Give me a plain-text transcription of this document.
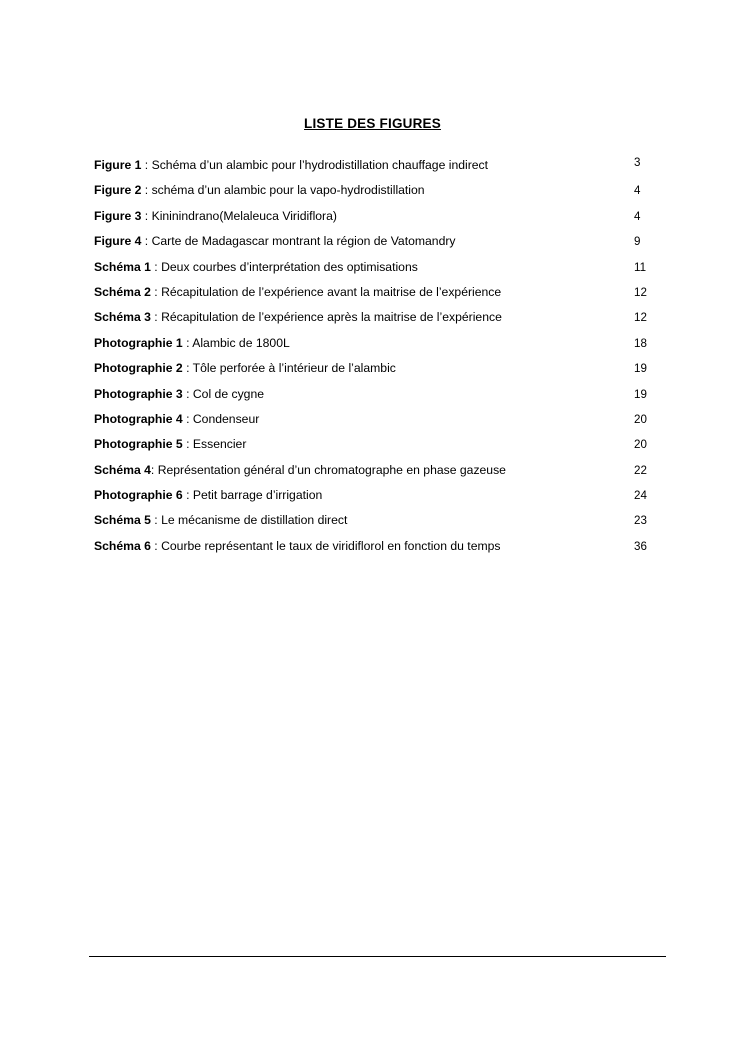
LISTE DES FIGURES
Figure 1 : Schéma d’un alambic pour l’hydrodistillation chauffage indirect	3
Figure 2 : schéma d’un alambic pour la vapo-hydrodistillation	4
Figure 3 : Kininindrano(Melaleuca Viridiflora)	4
Figure 4 : Carte de Madagascar montrant la région de Vatomandry	9
Schéma 1 : Deux courbes d’interprétation des optimisations	11
Schéma 2 : Récapitulation de l’expérience avant la maitrise de l’expérience	12
Schéma 3 : Récapitulation de l’expérience après la maitrise de l’expérience	12
Photographie 1 : Alambic de 1800L	18
Photographie 2 : Tôle perforée à l’intérieur de l’alambic	19
Photographie 3 : Col de cygne	19
Photographie 4 : Condenseur	20
Photographie 5 : Essencier	20
Schéma 4: Représentation général d’un chromatographe en phase gazeuse	22
Photographie 6 : Petit barrage d’irrigation	24
Schéma 5 : Le mécanisme de distillation direct	23
Schéma 6 : Courbe représentant le taux de viridiflorol en fonction du temps	36
